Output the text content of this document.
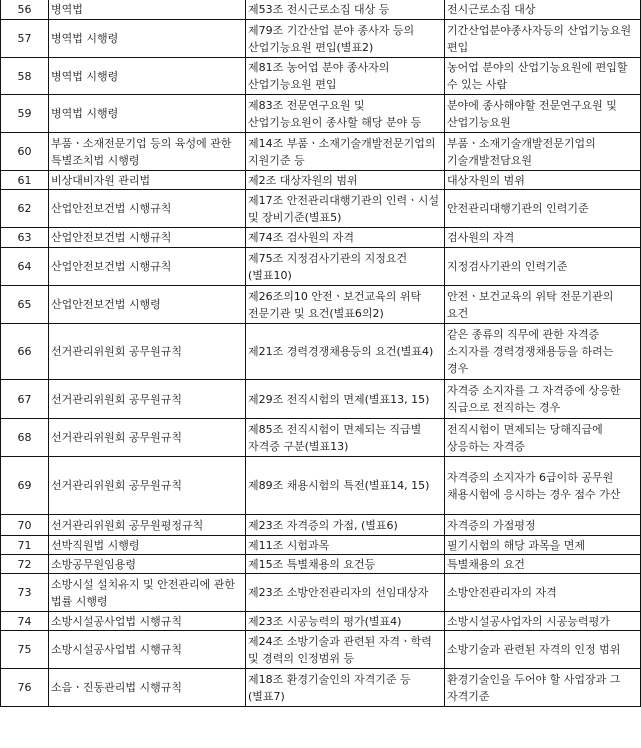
56	병역법	제53조 전시근로소집 대상 등	전시근로소집 대상
57	병역법 시행령	제79조 기간산업 분야 종사자 등의 산업기능요원 편입(별표2)	기간산업분야종사자등의 산업기능요원 편입
58	병역법 시행령	제81조 농어업 분야 종사자의 산업기능요원 편입	농어업 분야의 산업기능요원에 편입할 수 있는 사람
59	병역법 시행령	제83조 전문연구요원 및 산업기능요원이 종사할 해당 분야 등	분야에 종사해야할 전문연구요원 및 산업기능요원
60	부품ㆍ소재전문기업 등의 육성에 관한 특별조치법 시행령	제14조 부품ㆍ소재기술개발전문기업의 지원기준 등	부품ㆍ소재기술개발전문기업의 기술개발전담요원
61	비상대비자원 관리법	제2조 대상자원의 범위	대상자원의 범위
62	산업안전보건법 시행규칙	제17조 안전관리대행기관의 인력ㆍ시설 및 장비기준(별표5)	안전관리대행기관의 인력기준
63	산업안전보건법 시행규칙	제74조 검사원의 자격	검사원의 자격
64	산업안전보건법 시행규칙	제75조 지정검사기관의 지정요건(별표10)	지정검사기관의 인력기준
65	산업안전보건법 시행령	제26조의10 안전ㆍ보건교육의 위탁 전문기관 및 요건(별표6의2)	안전ㆍ보건교육의 위탁 전문기관의 요건
66	선거관리위원회 공무원규칙	제21조 경력경쟁채용등의 요건(별표4)	같은 종류의 직무에 관한 자격증 소지자를 경력경쟁채용등을 하려는 경우
67	선거관리위원회 공무원규칙	제29조 전직시험의 면제(별표13, 15)	자격증 소지자를 그 자격증에 상응한 직급으로 전직하는 경우
68	선거관리위원회 공무원규칙	제85조 전직시험이 면제되는 직급별 자격증 구분(별표13)	전직시험이 면제되는 당해직급에 상응하는 자격증
69	선거관리위원회 공무원규칙	제89조 채용시험의 특전(별표14, 15)	자격증의 소지자가 6급이하 공무원 채용시험에 응시하는 경우 점수 가산
70	선거관리위원회 공무원평정규칙	제23조 자격증의 가점, (별표6)	자격증의 가점평정
71	선박직원법 시행령	제11조 시험과목	필기시험의 해당 과목을 면제
72	소방공무원임용령	제15조 특별채용의 요건등	특별채용의 요건
73	소방시설 설치유지 및 안전관리에 관한 법률 시행령	제23조 소방안전관리자의 선임대상자	소방안전관리자의 자격
74	소방시설공사업법 시행규칙	제23조 시공능력의 평가(별표4)	소방시설공사업자의 시공능력평가
75	소방시설공사업법 시행규칙	제24조 소방기술과 관련된 자격ㆍ학력 및 경력의 인정범위 등	소방기술과 관련된 자격의 인정 범위
76	소음ㆍ진동관리법 시행규칙	제18조 환경기술인의 자격기준 등(별표7)	환경기술인을 두어야 할 사업장과 그 자격기준
